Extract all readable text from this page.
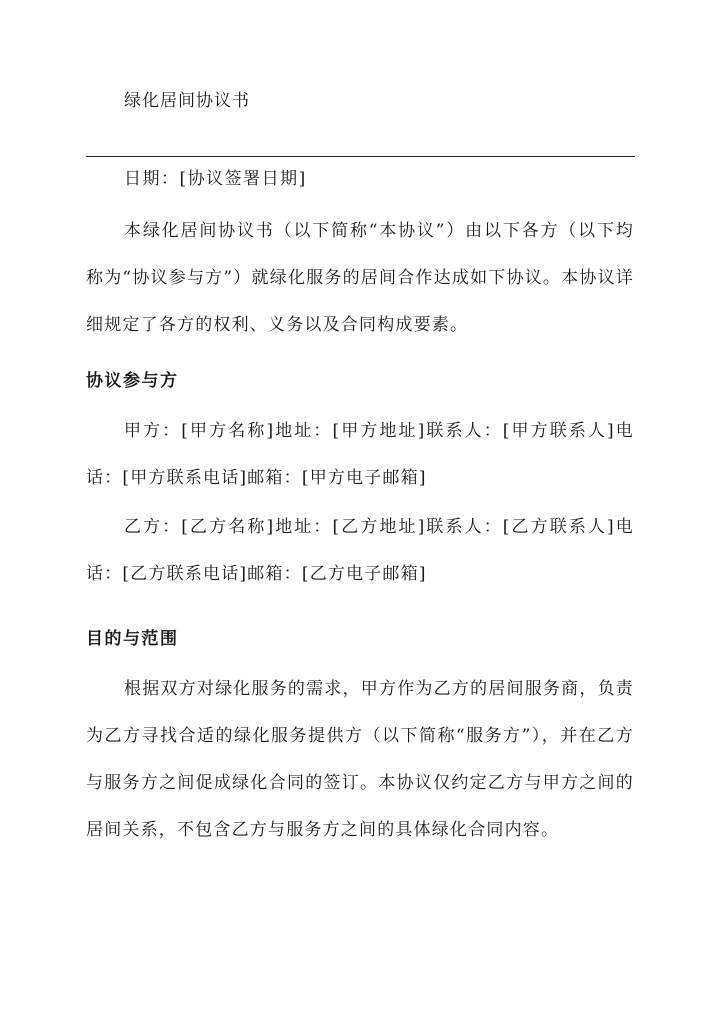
绿化居间协议书
日期：[协议签署日期]

本绿化居间协议书（以下简称“本协议”）由以下各方（以下均称为“协议参与方”）就绿化服务的居间合作达成如下协议。本协议详细规定了各方的权利、义务以及合同构成要素。

协议参与方

甲方：[甲方名称]地址：[甲方地址]联系人：[甲方联系人]电话：[甲方联系电话]邮箱：[甲方电子邮箱]

乙方：[乙方名称]地址：[乙方地址]联系人：[乙方联系人]电话：[乙方联系电话]邮箱：[乙方电子邮箱]

目的与范围

根据双方对绿化服务的需求，甲方作为乙方的居间服务商，负责为乙方寻找合适的绿化服务提供方（以下简称“服务方”），并在乙方与服务方之间促成绿化合同的签订。本协议仅约定乙方与甲方之间的居间关系，不包含乙方与服务方之间的具体绿化合同内容。
